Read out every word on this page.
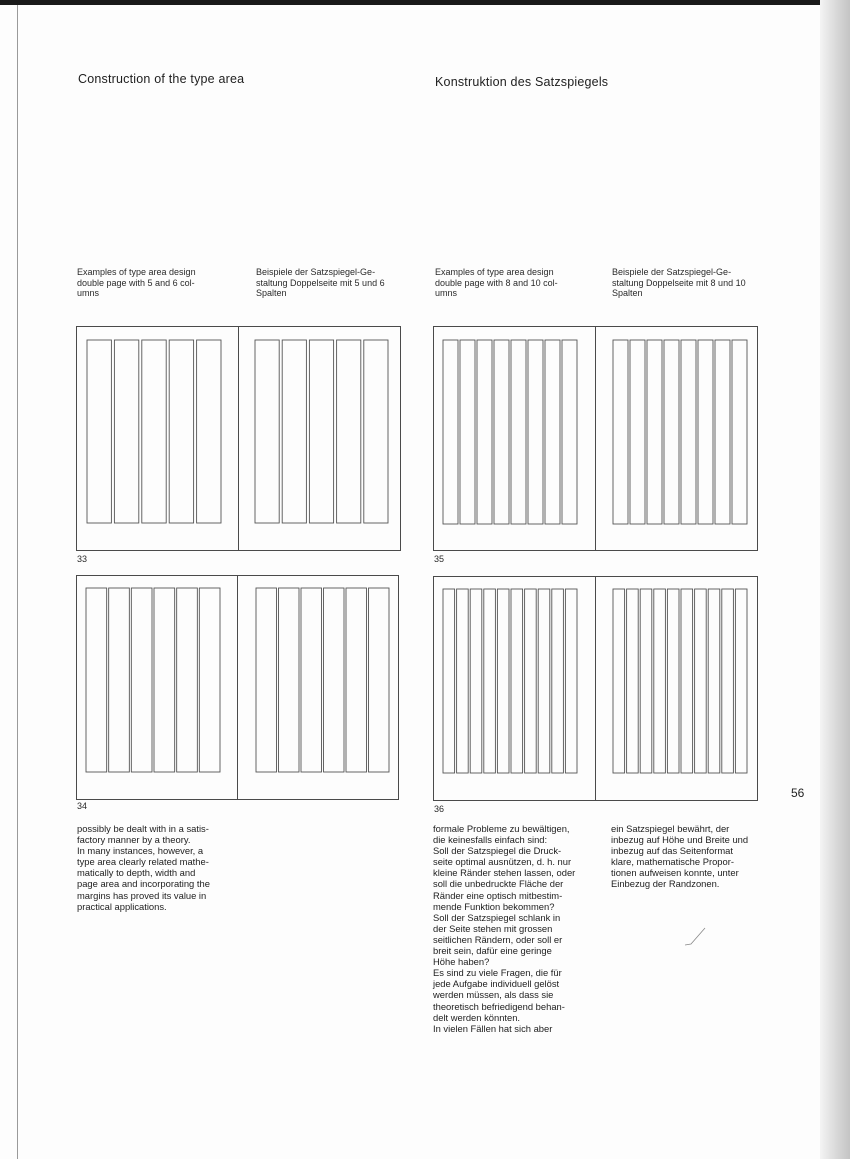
Construction of the type area	Konstruktion des Satzspiegels
Examples of type area design
double page with 5 and 6 col-
umns
Beispiele der Satzspiegel-Ge-
staltung Doppelseite mit 5 und 6
Spalten
Examples of type area design
double page with 8 and 10 col-
umns
Beispiele der Satzspiegel-Ge-
staltung Doppelseite mit 8 und 10
Spalten
33	35
34	36
56
possibly be dealt with in a satis-
factory manner by a theory.
In many instances, however, a
type area clearly related mathe-
matically to depth, width and
page area and incorporating the
margins has proved its value in
practical applications.
formale Probleme zu bewältigen,
die keinesfalls einfach sind:
Soll der Satzspiegel die Druck-
seite optimal ausnützen, d. h. nur
kleine Ränder stehen lassen, oder
soll die unbedruckte Fläche der
Ränder eine optisch mitbestim-
mende Funktion bekommen?
Soll der Satzspiegel schlank in
der Seite stehen mit grossen
seitlichen Rändern, oder soll er
breit sein, dafür eine geringe
Höhe haben?
Es sind zu viele Fragen, die für
jede Aufgabe individuell gelöst
werden müssen, als dass sie
theoretisch befriedigend behan-
delt werden könnten.
In vielen Fällen hat sich aber
ein Satzspiegel bewährt, der
inbezug auf Höhe und Breite und
inbezug auf das Seitenformat
klare, mathematische Propor-
tionen aufweisen konnte, unter
Einbezug der Randzonen.
